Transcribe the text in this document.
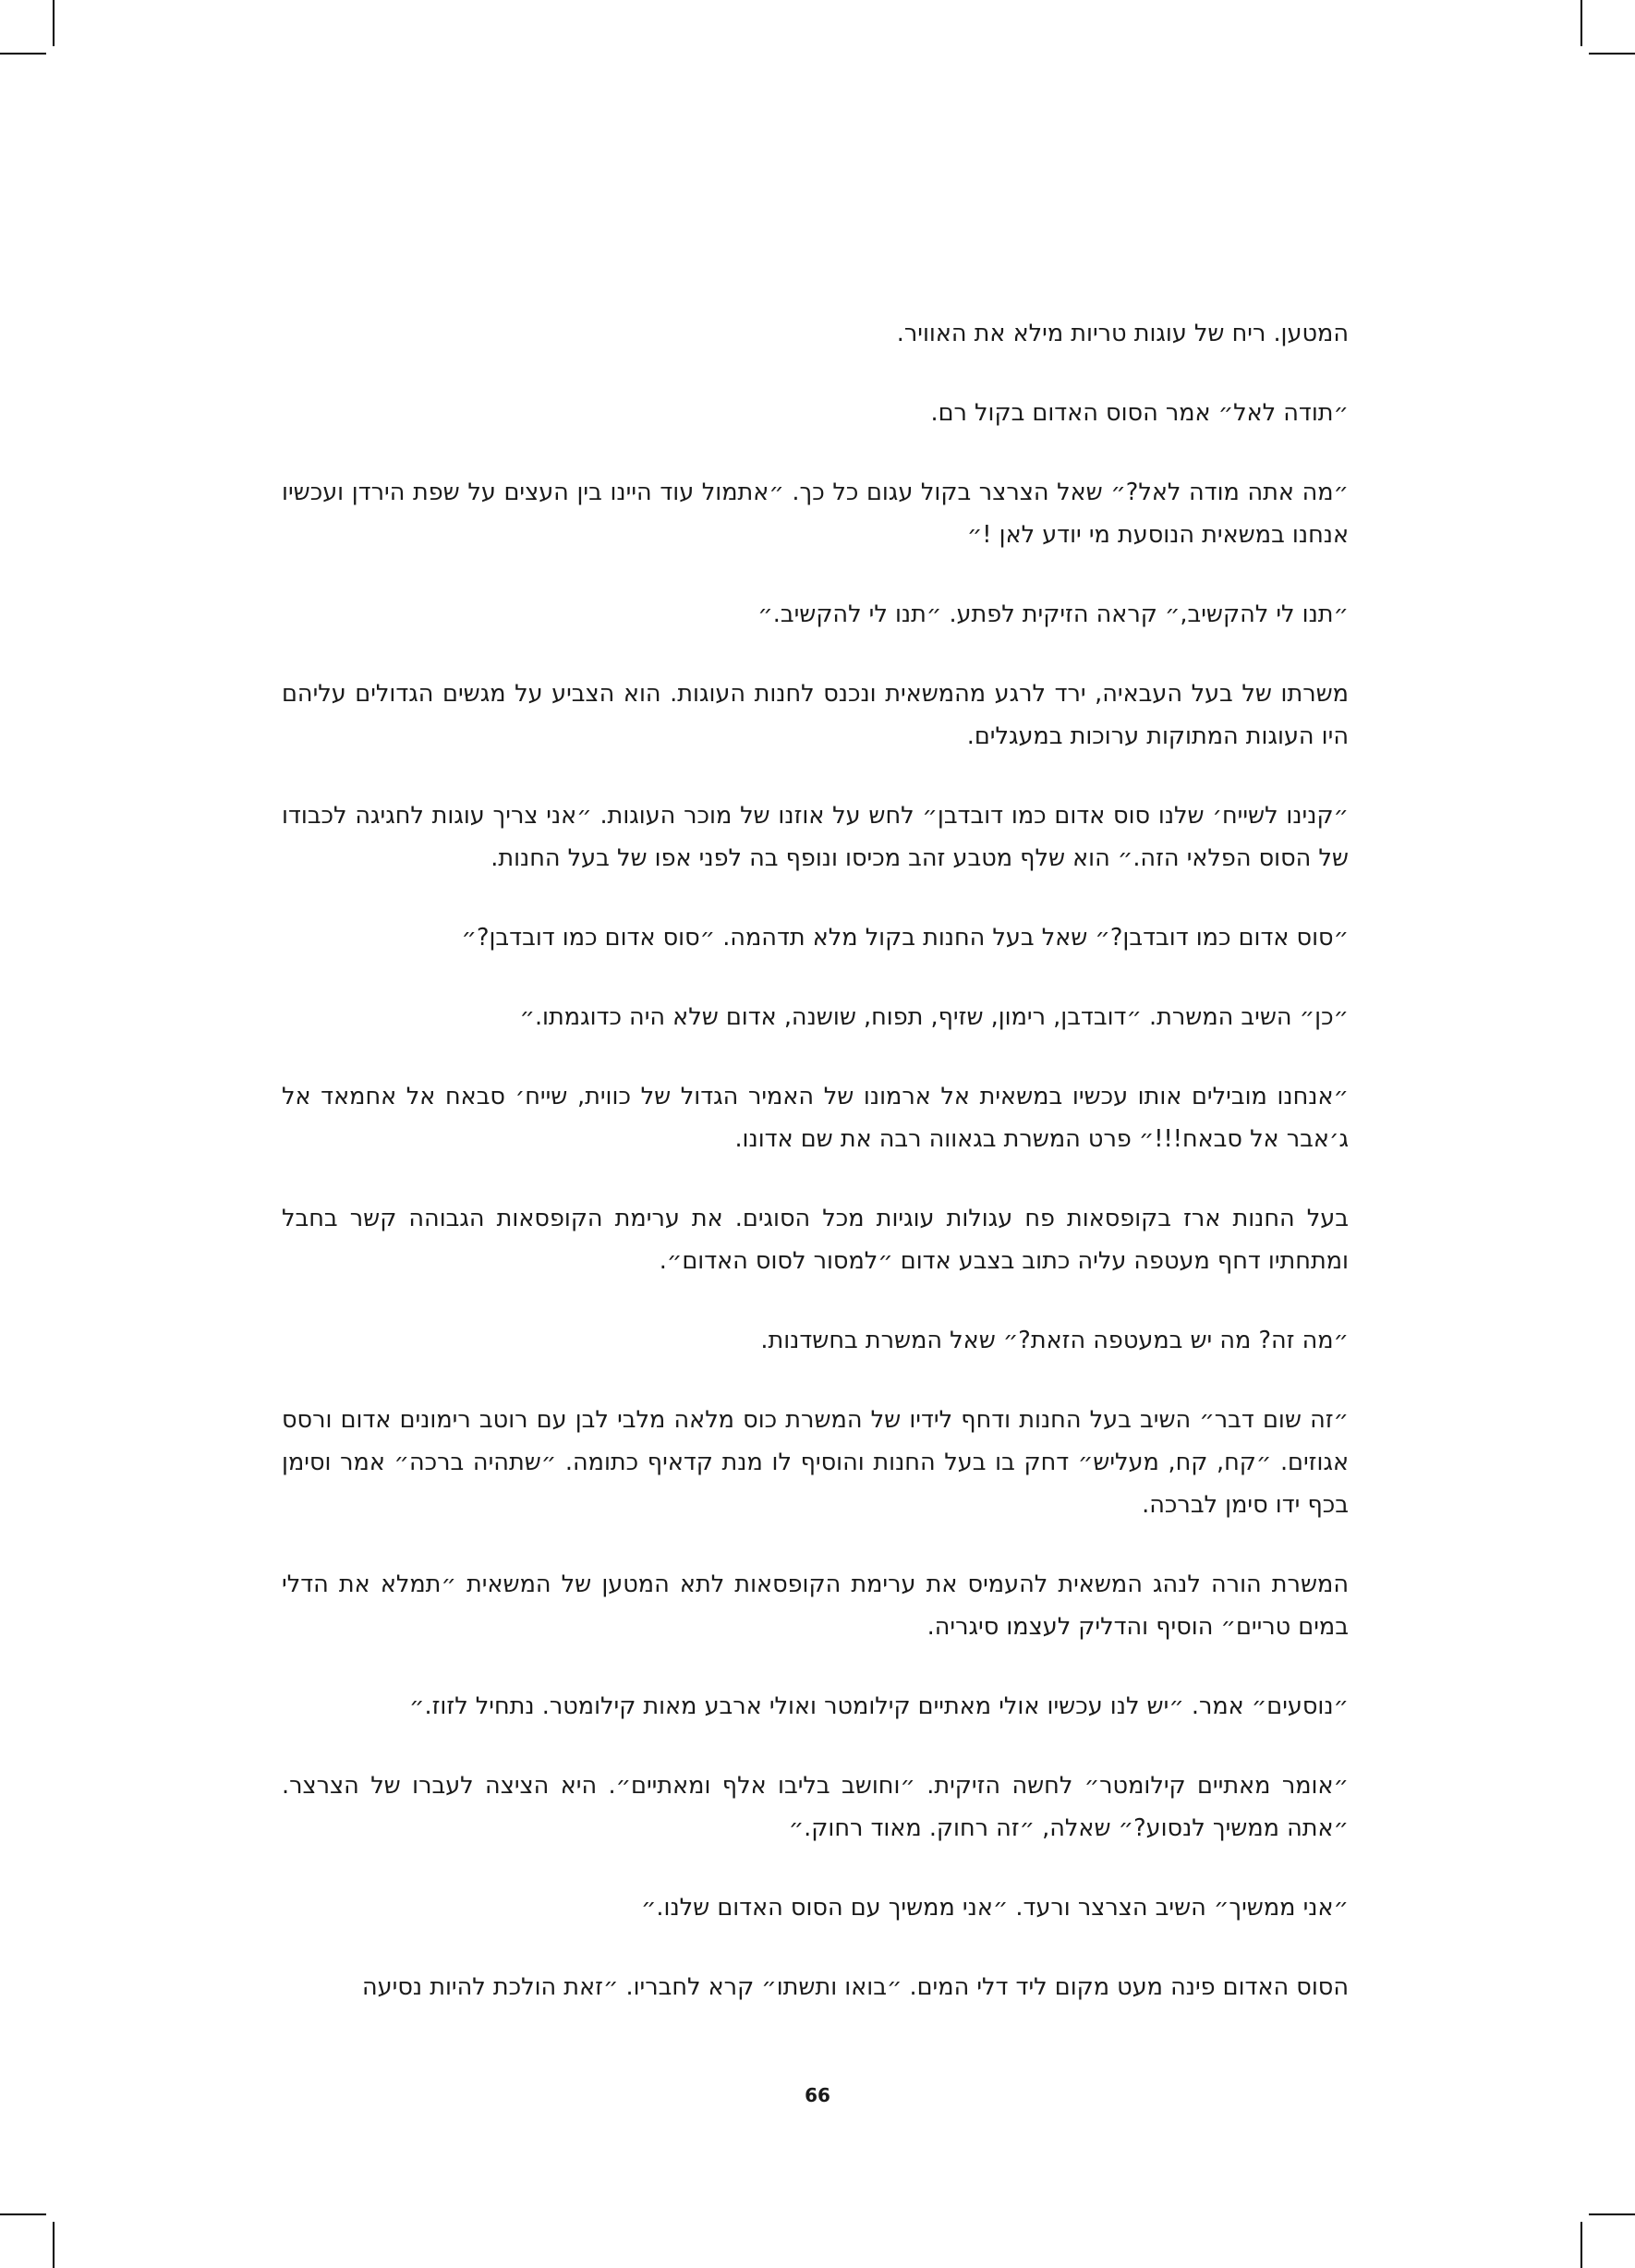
המטען. ריח של עוגות טריות מילא את האוויר.

״תודה לאל״ אמר הסוס האדום בקול רם.

״מה אתה מודה לאל?״ שאל הצרצר בקול עגום כל כך. ״אתמול עוד היינו בין העצים על שפת הירדן ועכשיו אנחנו במשאית הנוסעת מי יודע לאן !״

״תנו לי להקשיב,״ קראה הזיקית לפתע. ״תנו לי להקשיב.״

משרתו של בעל העבאיה, ירד לרגע מהמשאית ונכנס לחנות העוגות. הוא הצביע על מגשים הגדולים עליהם היו העוגות המתוקות ערוכות במעגלים.

״קנינו לשייח׳ שלנו סוס אדום כמו דובדבן״ לחש על אוזנו של מוכר העוגות. ״אני צריך עוגות לחגיגה לכבודו של הסוס הפלאי הזה.״ הוא שלף מטבע זהב מכיסו ונופף בה לפני אפו של בעל החנות.

״סוס אדום כמו דובדבן?״ שאל בעל החנות בקול מלא תדהמה. ״סוס אדום כמו דובדבן?״

״כן״ השיב המשרת. ״דובדבן, רימון, שזיף, תפוח, שושנה, אדום שלא היה כדוגמתו.״

״אנחנו מובילים אותו עכשיו במשאית אל ארמונו של האמיר הגדול של כווית, שייח׳ סבאח אל אחמאד אל ג׳אבר אל סבאח!!!״ פרט המשרת בגאווה רבה את שם אדונו.

בעל החנות ארז בקופסאות פח עגולות עוגיות מכל הסוגים. את ערימת הקופסאות הגבוהה קשר בחבל ומתחתיו דחף מעטפה עליה כתוב בצבע אדום ״למסור לסוס האדום״.

״מה זה? מה יש במעטפה הזאת?״ שאל המשרת בחשדנות.

״זה שום דבר״ השיב בעל החנות ודחף לידיו של המשרת כוס מלאה מלבי לבן עם רוטב רימונים אדום ורסס אגוזים. ״קח, קח, מעליש״ דחק בו בעל החנות והוסיף לו מנת קדאיף כתומה. ״שתהיה ברכה״ אמר וסימן בכף ידו סימן לברכה.

המשרת הורה לנהג המשאית להעמיס את ערימת הקופסאות לתא המטען של המשאית ״תמלא את הדלי במים טריים״ הוסיף והדליק לעצמו סיגריה.

״נוסעים״ אמר. ״יש לנו עכשיו אולי מאתיים קילומטר ואולי ארבע מאות קילומטר. נתחיל לזוז.״

״אומר מאתיים קילומטר״ לחשה הזיקית. ״וחושב בליבו אלף ומאתיים״. היא הציצה לעברו של הצרצר. ״אתה ממשיך לנסוע?״ שאלה, ״זה רחוק. מאוד רחוק.״

״אני ממשיך״ השיב הצרצר ורעד. ״אני ממשיך עם הסוס האדום שלנו.״

הסוס האדום פינה מעט מקום ליד דלי המים. ״בואו ותשתו״ קרא לחבריו. ״זאת הולכת להיות נסיעה

66
